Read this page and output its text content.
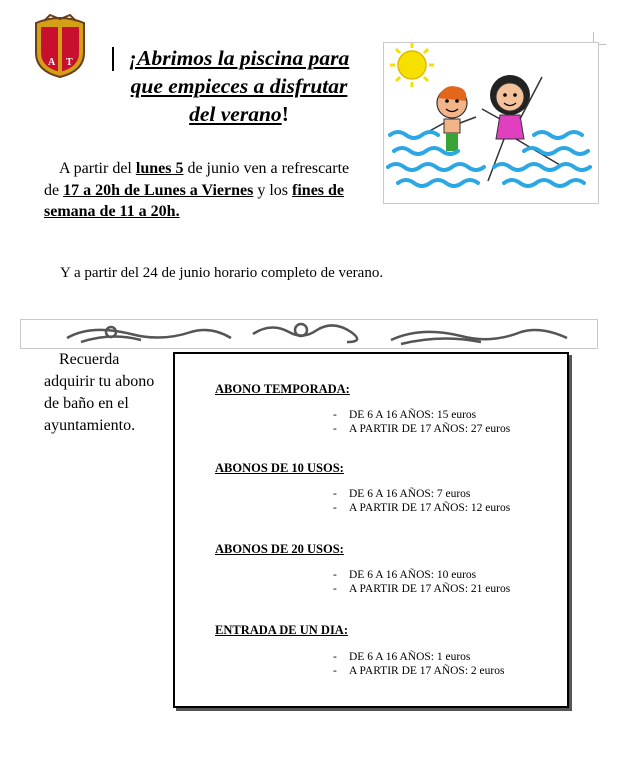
A T	¡Abrimos la piscina para
que empieces a disfrutar
del verano!
A partir del lunes 5 de junio ven a refrescarte de 17 a 20h de Lunes a Viernes y los fines de semana de 11 a 20h.
Y a partir del 24 de junio horario completo de verano.
Recuerda adquirir tu abono de baño en el ayuntamiento.
ABONO TEMPORADA:
- DE 6 A 16 AÑOS: 15 euros
- A PARTIR DE 17 AÑOS: 27 euros
ABONOS DE 10 USOS:
- DE 6 A 16 AÑOS: 7 euros
- A PARTIR DE 17 AÑOS: 12 euros
ABONOS DE 20 USOS:
- DE 6 A 16 AÑOS: 10 euros
- A PARTIR DE 17 AÑOS: 21 euros
ENTRADA DE UN DIA:
- DE 6 A 16 AÑOS: 1 euros
- A PARTIR DE 17 AÑOS: 2 euros
